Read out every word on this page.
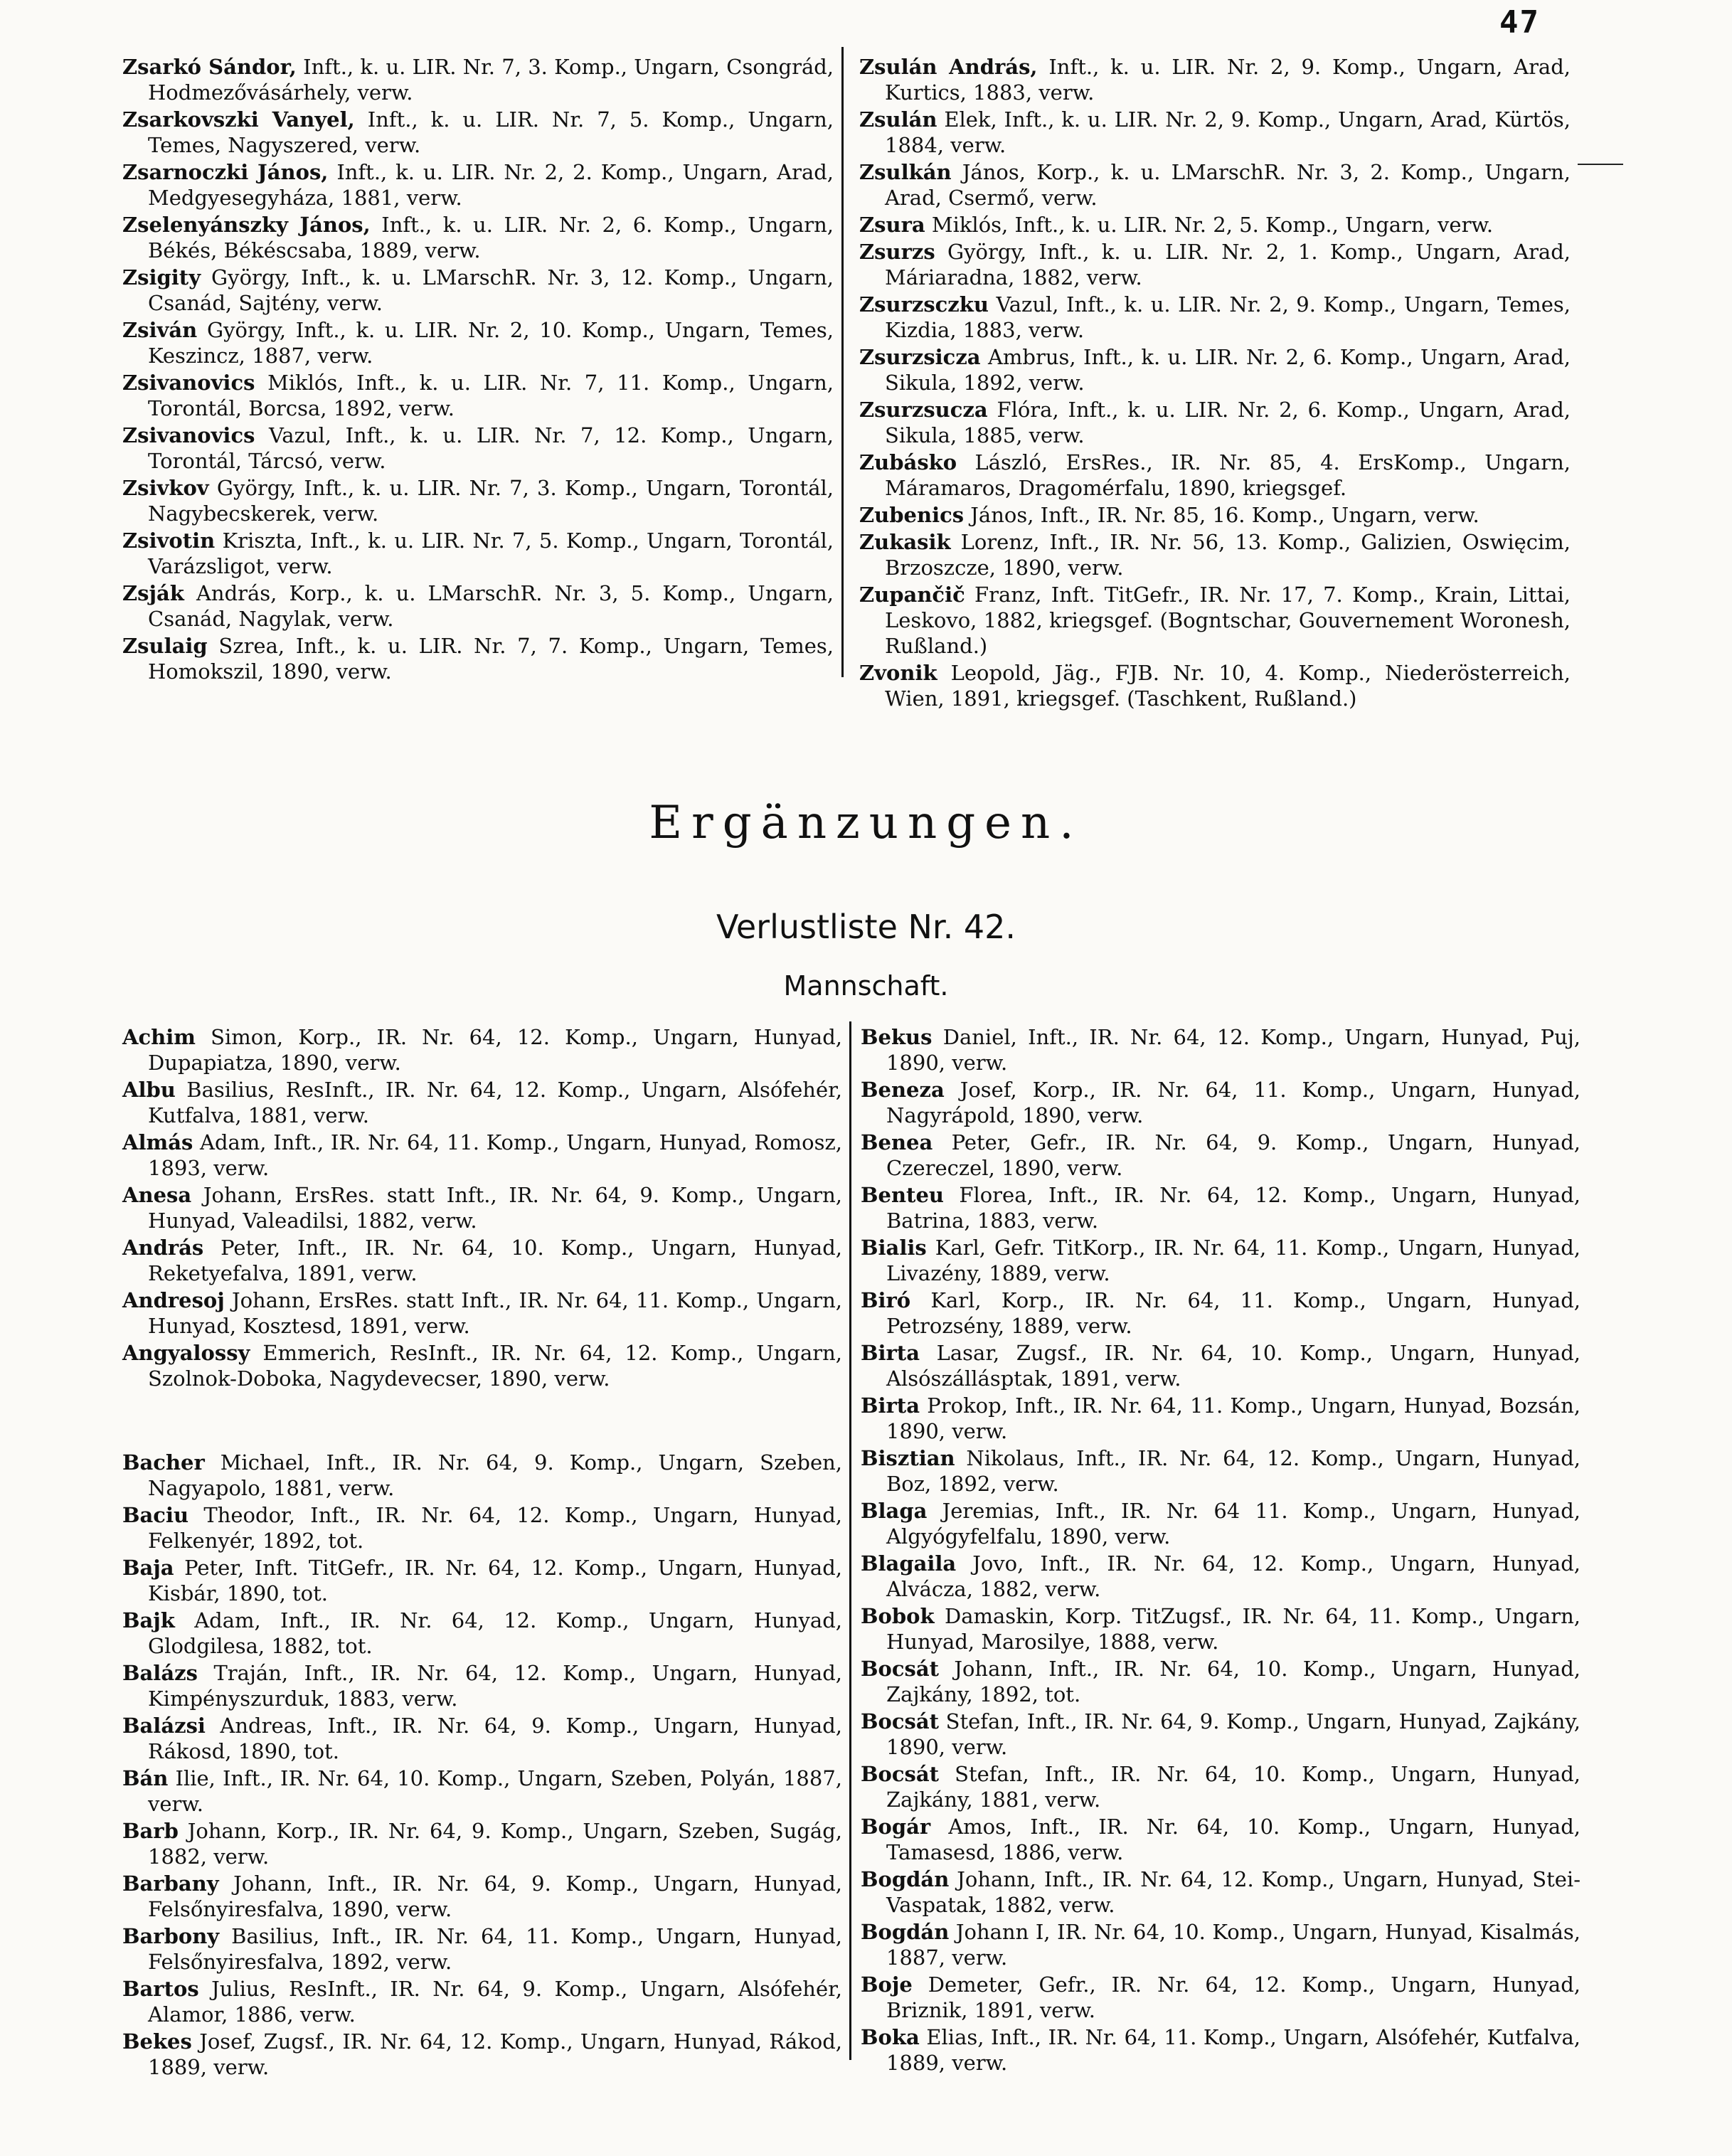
47
Zsarkó Sándor, Inft., k. u. LIR. Nr. 7, 3. Komp., Ungarn, Csongrád, Hodmezővásárhely, verw.
Zsarkovszki Vanyel, Inft., k. u. LIR. Nr. 7, 5. Komp., Ungarn, Temes, Nagyszered, verw.
Zsarnoczki János, Inft., k. u. LIR. Nr. 2, 2. Komp., Ungarn, Arad, Medgyesegyháza, 1881, verw.
Zselenyánszky János, Inft., k. u. LIR. Nr. 2, 6. Komp., Ungarn, Békés, Békéscsaba, 1889, verw.
Zsigity György, Inft., k. u. LMarschR. Nr. 3, 12. Komp., Ungarn, Csanád, Sajtény, verw.
Zsiván György, Inft., k. u. LIR. Nr. 2, 10. Komp., Ungarn, Temes, Keszincz, 1887, verw.
Zsivanovics Miklós, Inft., k. u. LIR. Nr. 7, 11. Komp., Ungarn, Torontál, Borcsa, 1892, verw.
Zsivanovics Vazul, Inft., k. u. LIR. Nr. 7, 12. Komp., Ungarn, Torontál, Tárcsó, verw.
Zsivkov György, Inft., k. u. LIR. Nr. 7, 3. Komp., Ungarn, Torontál, Nagybecskerek, verw.
Zsivotin Kriszta, Inft., k. u. LIR. Nr. 7, 5. Komp., Ungarn, Torontál, Varázsligot, verw.
Zsják András, Korp., k. u. LMarschR. Nr. 3, 5. Komp., Ungarn, Csanád, Nagylak, verw.
Zsulaig Szrea, Inft., k. u. LIR. Nr. 7, 7. Komp., Ungarn, Temes, Homokszil, 1890, verw.
Zsulán András, Inft., k. u. LIR. Nr. 2, 9. Komp., Ungarn, Arad, Kurtics, 1883, verw.
Zsulán Elek, Inft., k. u. LIR. Nr. 2, 9. Komp., Ungarn, Arad, Kürtös, 1884, verw.
Zsulkán János, Korp., k. u. LMarschR. Nr. 3, 2. Komp., Ungarn, Arad, Csermő, verw.
Zsura Miklós, Inft., k. u. LIR. Nr. 2, 5. Komp., Ungarn, verw.
Zsurzs György, Inft., k. u. LIR. Nr. 2, 1. Komp., Ungarn, Arad, Máriaradna, 1882, verw.
Zsurzsczku Vazul, Inft., k. u. LIR. Nr. 2, 9. Komp., Ungarn, Temes, Kizdia, 1883, verw.
Zsurzsicza Ambrus, Inft., k. u. LIR. Nr. 2, 6. Komp., Ungarn, Arad, Sikula, 1892, verw.
Zsurzsucza Flóra, Inft., k. u. LIR. Nr. 2, 6. Komp., Ungarn, Arad, Sikula, 1885, verw.
Zubásko László, ErsRes., IR. Nr. 85, 4. ErsKomp., Ungarn, Máramaros, Dragomérfalu, 1890, kriegsgef.
Zubenics János, Inft., IR. Nr. 85, 16. Komp., Ungarn, verw.
Zukasik Lorenz, Inft., IR. Nr. 56, 13. Komp., Galizien, Oswięcim, Brzoszcze, 1890, verw.
Zupančič Franz, Inft. TitGefr., IR. Nr. 17, 7. Komp., Krain, Littai, Leskovo, 1882, kriegsgef. (Bogntschar, Gouvernement Woronesh, Rußland.)
Zvonik Leopold, Jäg., FJB. Nr. 10, 4. Komp., Niederösterreich, Wien, 1891, kriegsgef. (Taschkent, Rußland.)
Ergänzungen.
Verlustliste Nr. 42.
Mannschaft.
Achim Simon, Korp., IR. Nr. 64, 12. Komp., Ungarn, Hunyad, Dupapiatza, 1890, verw.
Albu Basilius, ResInft., IR. Nr. 64, 12. Komp., Ungarn, Alsófehér, Kutfalva, 1881, verw.
Almás Adam, Inft., IR. Nr. 64, 11. Komp., Ungarn, Hunyad, Romosz, 1893, verw.
Anesa Johann, ErsRes. statt Inft., IR. Nr. 64, 9. Komp., Ungarn, Hunyad, Valeadilsi, 1882, verw.
András Peter, Inft., IR. Nr. 64, 10. Komp., Ungarn, Hunyad, Reketyefalva, 1891, verw.
Andresoj Johann, ErsRes. statt Inft., IR. Nr. 64, 11. Komp., Ungarn, Hunyad, Kosztesd, 1891, verw.
Angyalossy Emmerich, ResInft., IR. Nr. 64, 12. Komp., Ungarn, Szolnok-Doboka, Nagydevecser, 1890, verw.
Bacher Michael, Inft., IR. Nr. 64, 9. Komp., Ungarn, Szeben, Nagyapolo, 1881, verw.
Baciu Theodor, Inft., IR. Nr. 64, 12. Komp., Ungarn, Hunyad, Felkenyér, 1892, tot.
Baja Peter, Inft. TitGefr., IR. Nr. 64, 12. Komp., Ungarn, Hunyad, Kisbár, 1890, tot.
Bajk Adam, Inft., IR. Nr. 64, 12. Komp., Ungarn, Hunyad, Glodgilesa, 1882, tot.
Balázs Traján, Inft., IR. Nr. 64, 12. Komp., Ungarn, Hunyad, Kimpényszurduk, 1883, verw.
Balázsi Andreas, Inft., IR. Nr. 64, 9. Komp., Ungarn, Hunyad, Rákosd, 1890, tot.
Bán Ilie, Inft., IR. Nr. 64, 10. Komp., Ungarn, Szeben, Polyán, 1887, verw.
Barb Johann, Korp., IR. Nr. 64, 9. Komp., Ungarn, Szeben, Sugág, 1882, verw.
Barbany Johann, Inft., IR. Nr. 64, 9. Komp., Ungarn, Hunyad, Felsőnyiresfalva, 1890, verw.
Barbony Basilius, Inft., IR. Nr. 64, 11. Komp., Ungarn, Hunyad, Felsőnyiresfalva, 1892, verw.
Bartos Julius, ResInft., IR. Nr. 64, 9. Komp., Ungarn, Alsófehér, Alamor, 1886, verw.
Bekes Josef, Zugsf., IR. Nr. 64, 12. Komp., Ungarn, Hunyad, Rákod, 1889, verw.
Bekus Daniel, Inft., IR. Nr. 64, 12. Komp., Ungarn, Hunyad, Puj, 1890, verw.
Beneza Josef, Korp., IR. Nr. 64, 11. Komp., Ungarn, Hunyad, Nagyrápold, 1890, verw.
Benea Peter, Gefr., IR. Nr. 64, 9. Komp., Ungarn, Hunyad, Czereczel, 1890, verw.
Benteu Florea, Inft., IR. Nr. 64, 12. Komp., Ungarn, Hunyad, Batrina, 1883, verw.
Bialis Karl, Gefr. TitKorp., IR. Nr. 64, 11. Komp., Ungarn, Hunyad, Livazény, 1889, verw.
Biró Karl, Korp., IR. Nr. 64, 11. Komp., Ungarn, Hunyad, Petrozsény, 1889, verw.
Birta Lasar, Zugsf., IR. Nr. 64, 10. Komp., Ungarn, Hunyad, Alsószállásptak, 1891, verw.
Birta Prokop, Inft., IR. Nr. 64, 11. Komp., Ungarn, Hunyad, Bozsán, 1890, verw.
Bisztian Nikolaus, Inft., IR. Nr. 64, 12. Komp., Ungarn, Hunyad, Boz, 1892, verw.
Blaga Jeremias, Inft., IR. Nr. 64 11. Komp., Ungarn, Hunyad, Algyógyfelfalu, 1890, verw.
Blagaila Jovo, Inft., IR. Nr. 64, 12. Komp., Ungarn, Hunyad, Alvácza, 1882, verw.
Bobok Damaskin, Korp. TitZugsf., IR. Nr. 64, 11. Komp., Ungarn, Hunyad, Marosilye, 1888, verw.
Bocsát Johann, Inft., IR. Nr. 64, 10. Komp., Ungarn, Hunyad, Zajkány, 1892, tot.
Bocsát Stefan, Inft., IR. Nr. 64, 9. Komp., Ungarn, Hunyad, Zajkány, 1890, verw.
Bocsát Stefan, Inft., IR. Nr. 64, 10. Komp., Ungarn, Hunyad, Zajkány, 1881, verw.
Bogár Amos, Inft., IR. Nr. 64, 10. Komp., Ungarn, Hunyad, Tamasesd, 1886, verw.
Bogdán Johann, Inft., IR. Nr. 64, 12. Komp., Ungarn, Hunyad, Stei-Vaspatak, 1882, verw.
Bogdán Johann I, IR. Nr. 64, 10. Komp., Ungarn, Hunyad, Kisalmás, 1887, verw.
Boje Demeter, Gefr., IR. Nr. 64, 12. Komp., Ungarn, Hunyad, Briznik, 1891, verw.
Boka Elias, Inft., IR. Nr. 64, 11. Komp., Ungarn, Alsófehér, Kutfalva, 1889, verw.
